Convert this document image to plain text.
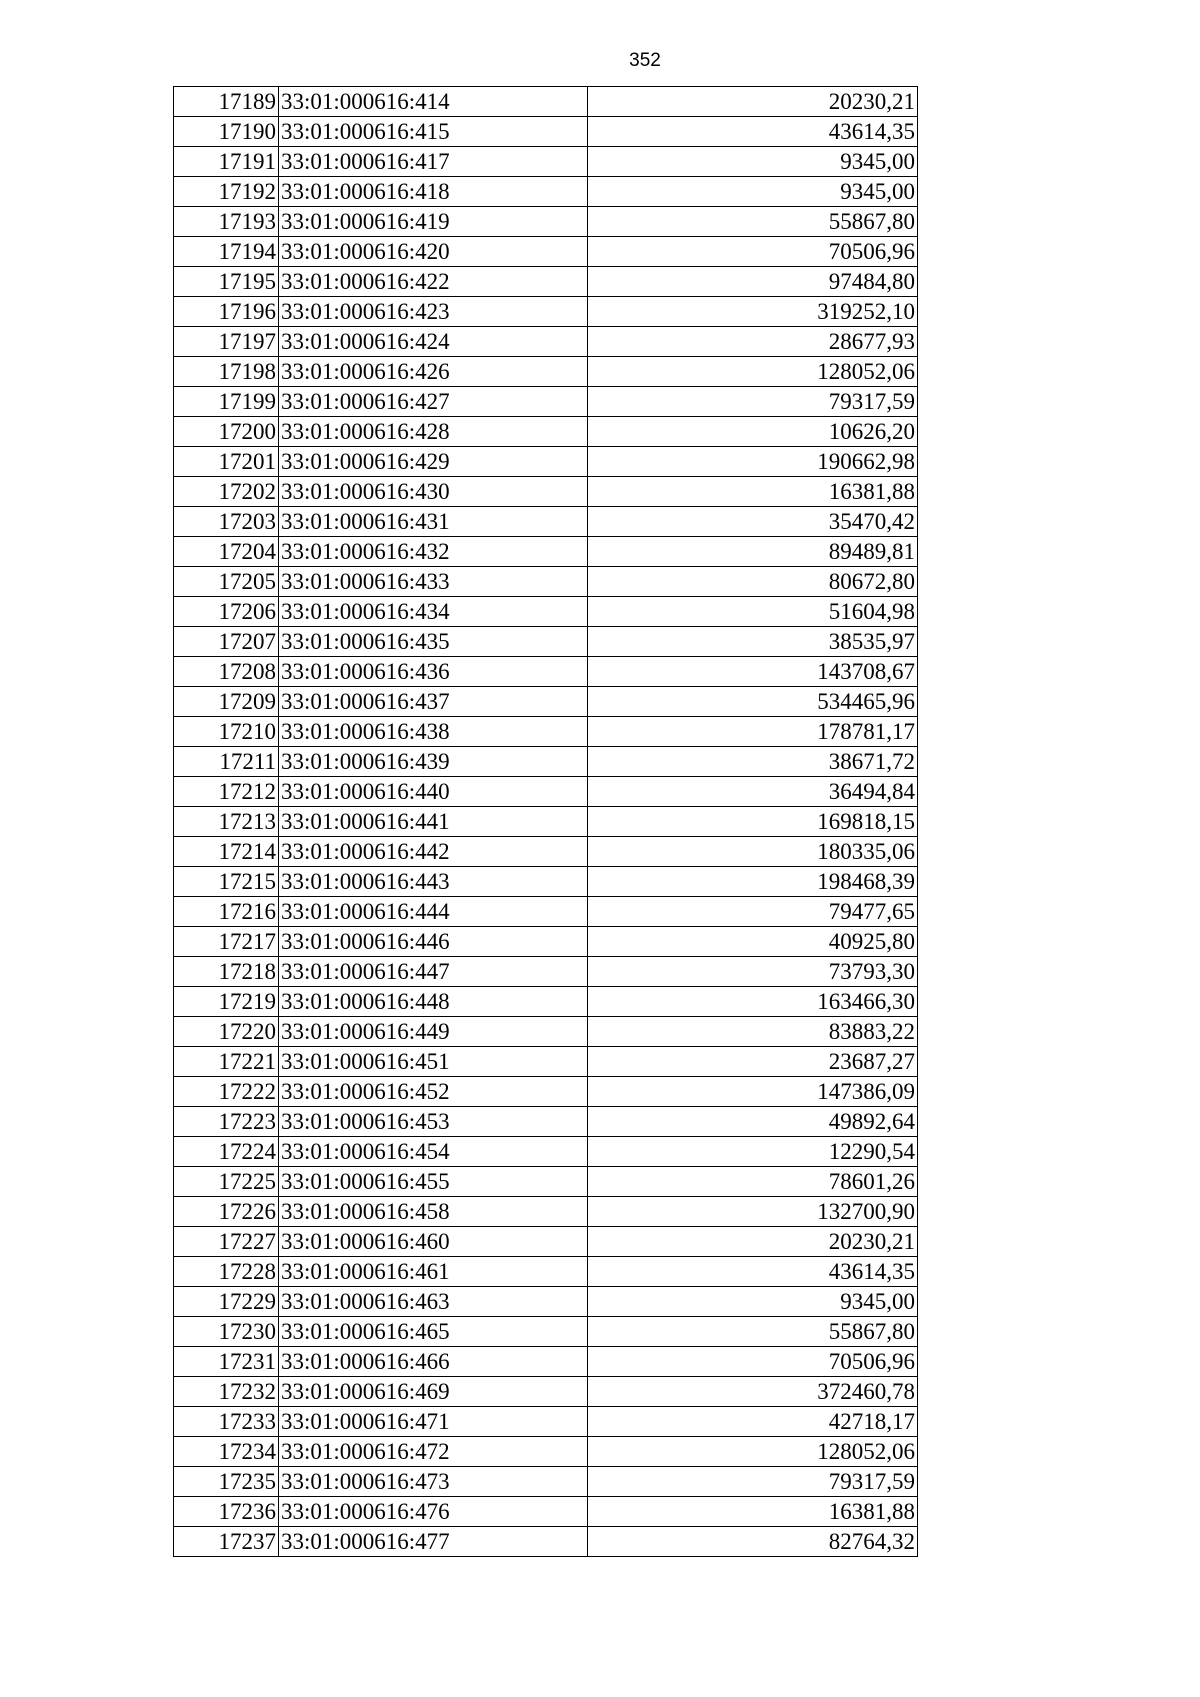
352
17189	33:01:000616:414	20230,21
17190	33:01:000616:415	43614,35
17191	33:01:000616:417	9345,00
17192	33:01:000616:418	9345,00
17193	33:01:000616:419	55867,80
17194	33:01:000616:420	70506,96
17195	33:01:000616:422	97484,80
17196	33:01:000616:423	319252,10
17197	33:01:000616:424	28677,93
17198	33:01:000616:426	128052,06
17199	33:01:000616:427	79317,59
17200	33:01:000616:428	10626,20
17201	33:01:000616:429	190662,98
17202	33:01:000616:430	16381,88
17203	33:01:000616:431	35470,42
17204	33:01:000616:432	89489,81
17205	33:01:000616:433	80672,80
17206	33:01:000616:434	51604,98
17207	33:01:000616:435	38535,97
17208	33:01:000616:436	143708,67
17209	33:01:000616:437	534465,96
17210	33:01:000616:438	178781,17
17211	33:01:000616:439	38671,72
17212	33:01:000616:440	36494,84
17213	33:01:000616:441	169818,15
17214	33:01:000616:442	180335,06
17215	33:01:000616:443	198468,39
17216	33:01:000616:444	79477,65
17217	33:01:000616:446	40925,80
17218	33:01:000616:447	73793,30
17219	33:01:000616:448	163466,30
17220	33:01:000616:449	83883,22
17221	33:01:000616:451	23687,27
17222	33:01:000616:452	147386,09
17223	33:01:000616:453	49892,64
17224	33:01:000616:454	12290,54
17225	33:01:000616:455	78601,26
17226	33:01:000616:458	132700,90
17227	33:01:000616:460	20230,21
17228	33:01:000616:461	43614,35
17229	33:01:000616:463	9345,00
17230	33:01:000616:465	55867,80
17231	33:01:000616:466	70506,96
17232	33:01:000616:469	372460,78
17233	33:01:000616:471	42718,17
17234	33:01:000616:472	128052,06
17235	33:01:000616:473	79317,59
17236	33:01:000616:476	16381,88
17237	33:01:000616:477	82764,32
